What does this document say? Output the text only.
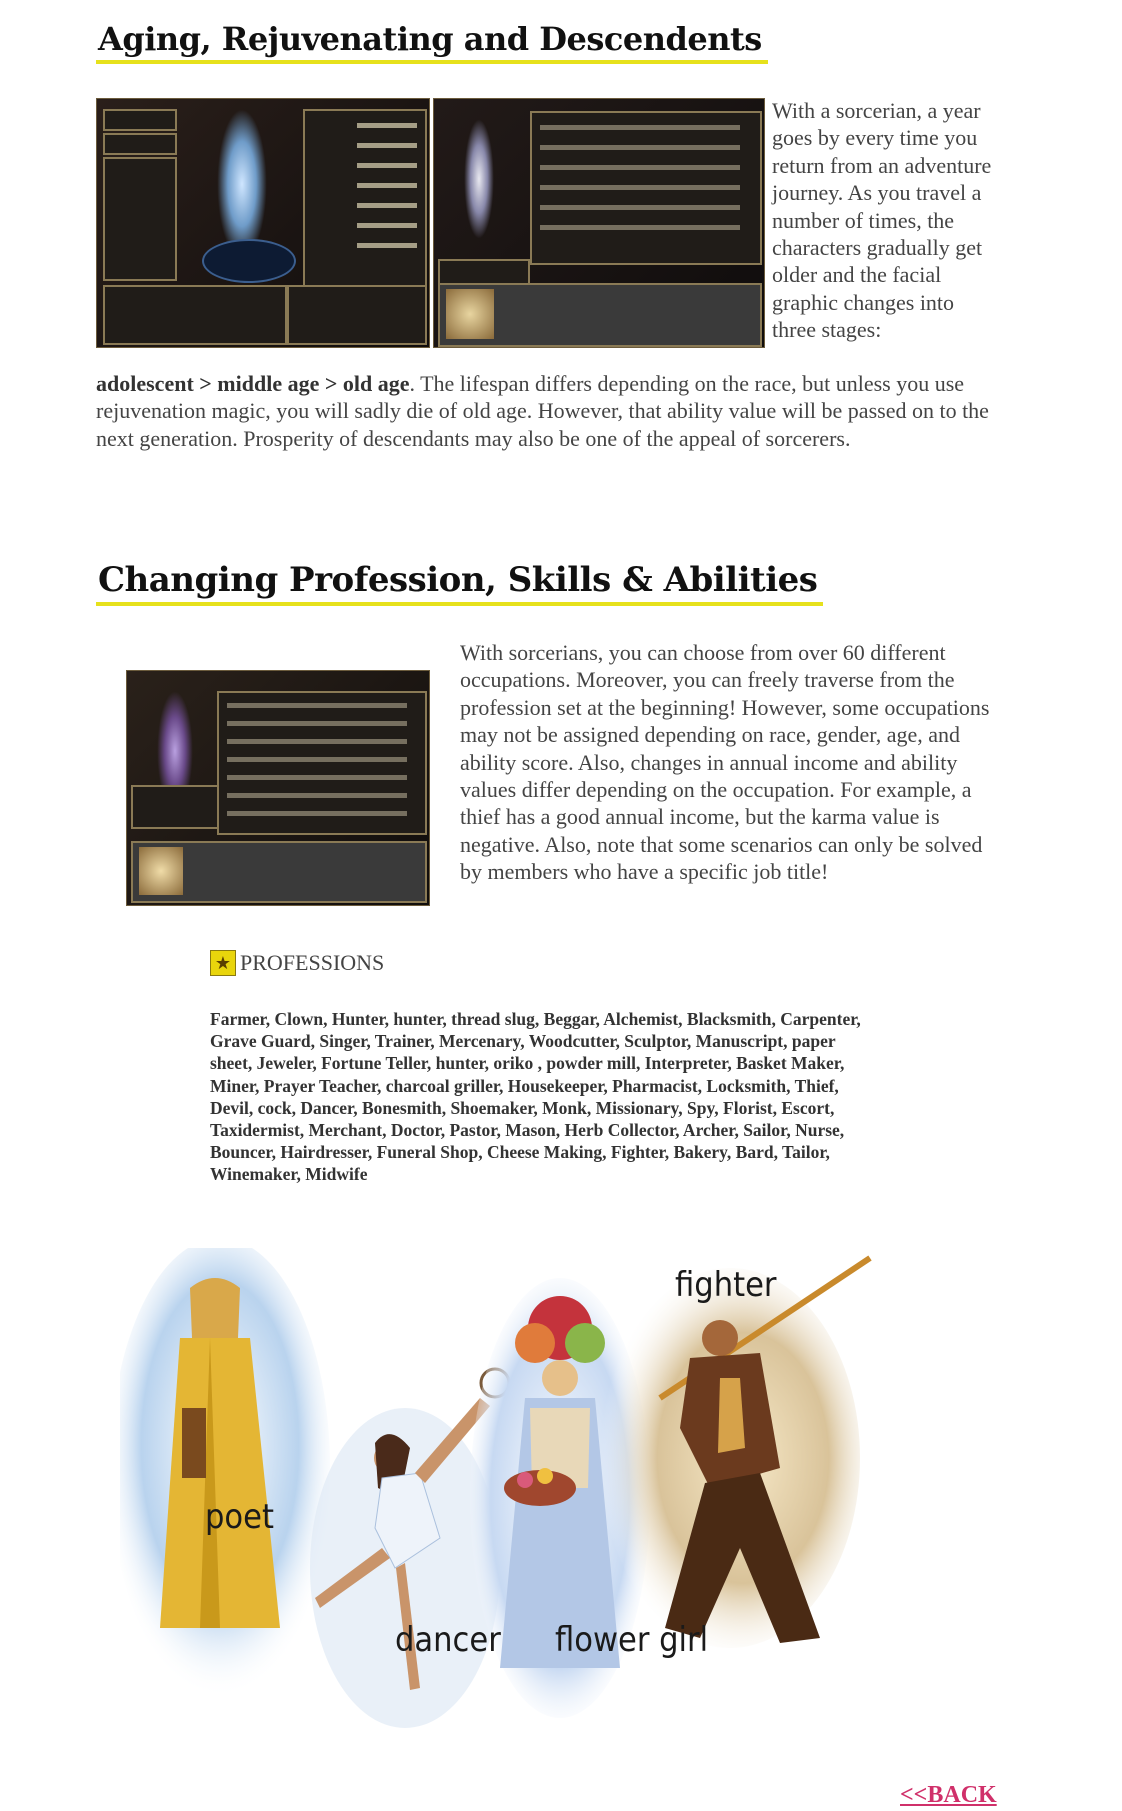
Aging, Rejuvenating and Descendents

With a sorcerian, a year goes by every time you return from an adventure journey. As you travel a number of times, the characters gradually get older and the facial graphic changes into three stages:

adolescent > middle age > old age. The lifespan differs depending on the race, but unless you use rejuvenation magic, you will sadly die of old age. However, that ability value will be passed on to the next generation. Prosperity of descendants may also be one of the appeal of sorcerers.

Changing Profession, Skills & Abilities

With sorcerians, you can choose from over 60 different occupations. Moreover, you can freely traverse from the profession set at the beginning! However, some occupations may not be assigned depending on race, gender, age, and ability score. Also, changes in annual income and ability values differ depending on the occupation. For example, a thief has a good annual income, but the karma value is negative. Also, note that some scenarios can only be solved by members who have a specific job title!

★ PROFESSIONS

Farmer, Clown, Hunter, hunter, thread slug, Beggar, Alchemist, Blacksmith, Carpenter, Grave Guard, Singer, Trainer, Mercenary, Woodcutter, Sculptor, Manuscript, paper sheet, Jeweler, Fortune Teller, hunter, oriko , powder mill, Interpreter, Basket Maker, Miner, Prayer Teacher, charcoal griller, Housekeeper, Pharmacist, Locksmith, Thief, Devil, cock, Dancer, Bonesmith, Shoemaker, Monk, Missionary, Spy, Florist, Escort, Taxidermist, Merchant, Doctor, Pastor, Mason, Herb Collector, Archer, Sailor, Nurse, Bouncer, Hairdresser, Funeral Shop, Cheese Making, Fighter, Bakery, Bard, Tailor, Winemaker, Midwife

poet
dancer flower girl
fighter
<<BACK
